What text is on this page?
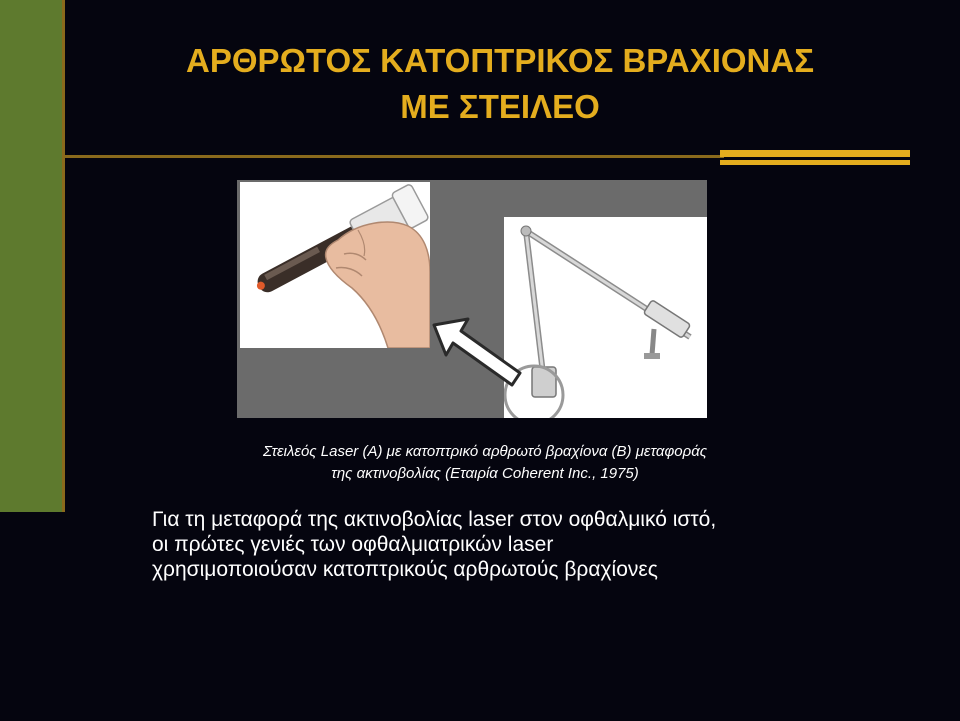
ΑΡΘΡΩΤΟΣ ΚΑΤΟΠΤΡΙΚΟΣ ΒΡΑΧΙΟΝΑΣ
ΜΕ ΣΤΕΙΛΕΟ
Στειλεός Laser (A) με κατοπτρικό αρθρωτό βραχίονα (B) μεταφοράς
της ακτινοβολίας (Εταιρία Coherent Inc., 1975)
Για τη μεταφορά της ακτινοβολίας laser στον οφθαλμικό ιστό,
οι πρώτες γενιές των οφθαλμιατρικών laser
χρησιμοποιούσαν κατοπτρικούς αρθρωτούς βραχίονες
